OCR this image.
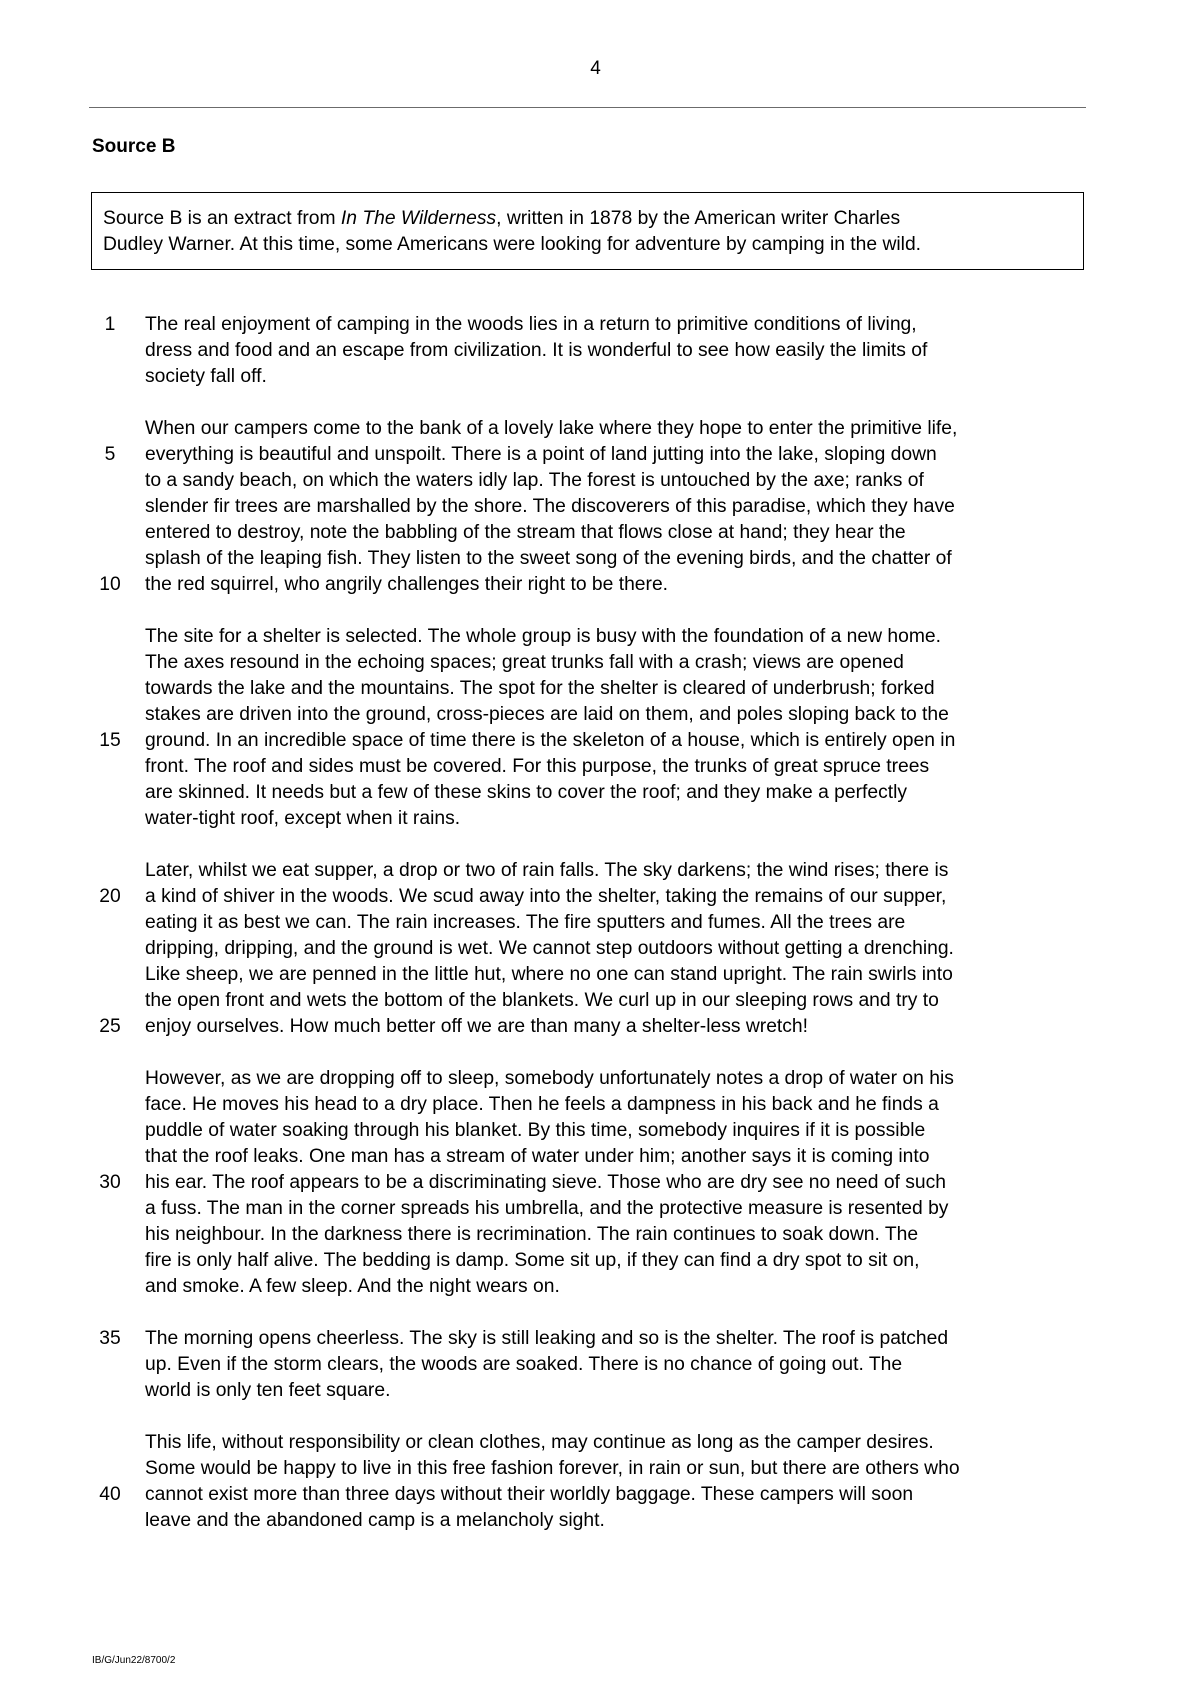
4
Source B
Source B is an extract from In The Wilderness, written in 1878 by the American writer Charles
Dudley Warner. At this time, some Americans were looking for adventure by camping in the wild.
1	The real enjoyment of camping in the woods lies in a return to primitive conditions of living,
dress and food and an escape from civilization. It is wonderful to see how easily the limits of
society fall off.
When our campers come to the bank of a lovely lake where they hope to enter the primitive life,
5	everything is beautiful and unspoilt. There is a point of land jutting into the lake, sloping down
to a sandy beach, on which the waters idly lap. The forest is untouched by the axe; ranks of
slender fir trees are marshalled by the shore. The discoverers of this paradise, which they have
entered to destroy, note the babbling of the stream that flows close at hand; they hear the
splash of the leaping fish. They listen to the sweet song of the evening birds, and the chatter of
10	the red squirrel, who angrily challenges their right to be there.
The site for a shelter is selected. The whole group is busy with the foundation of a new home.
The axes resound in the echoing spaces; great trunks fall with a crash; views are opened
towards the lake and the mountains. The spot for the shelter is cleared of underbrush; forked
stakes are driven into the ground, cross-pieces are laid on them, and poles sloping back to the
15	ground. In an incredible space of time there is the skeleton of a house, which is entirely open in
front. The roof and sides must be covered. For this purpose, the trunks of great spruce trees
are skinned. It needs but a few of these skins to cover the roof; and they make a perfectly
water-tight roof, except when it rains.
Later, whilst we eat supper, a drop or two of rain falls. The sky darkens; the wind rises; there is
20	a kind of shiver in the woods. We scud away into the shelter, taking the remains of our supper,
eating it as best we can. The rain increases. The fire sputters and fumes. All the trees are
dripping, dripping, and the ground is wet. We cannot step outdoors without getting a drenching.
Like sheep, we are penned in the little hut, where no one can stand upright. The rain swirls into
the open front and wets the bottom of the blankets. We curl up in our sleeping rows and try to
25	enjoy ourselves. How much better off we are than many a shelter-less wretch!
However, as we are dropping off to sleep, somebody unfortunately notes a drop of water on his
face. He moves his head to a dry place. Then he feels a dampness in his back and he finds a
puddle of water soaking through his blanket. By this time, somebody inquires if it is possible
that the roof leaks. One man has a stream of water under him; another says it is coming into
30	his ear. The roof appears to be a discriminating sieve. Those who are dry see no need of such
a fuss. The man in the corner spreads his umbrella, and the protective measure is resented by
his neighbour. In the darkness there is recrimination. The rain continues to soak down. The
fire is only half alive. The bedding is damp. Some sit up, if they can find a dry spot to sit on,
and smoke. A few sleep. And the night wears on.
35	The morning opens cheerless. The sky is still leaking and so is the shelter. The roof is patched
up. Even if the storm clears, the woods are soaked. There is no chance of going out. The
world is only ten feet square.
This life, without responsibility or clean clothes, may continue as long as the camper desires.
Some would be happy to live in this free fashion forever, in rain or sun, but there are others who
40	cannot exist more than three days without their worldly baggage. These campers will soon
leave and the abandoned camp is a melancholy sight.
IB/G/Jun22/8700/2
